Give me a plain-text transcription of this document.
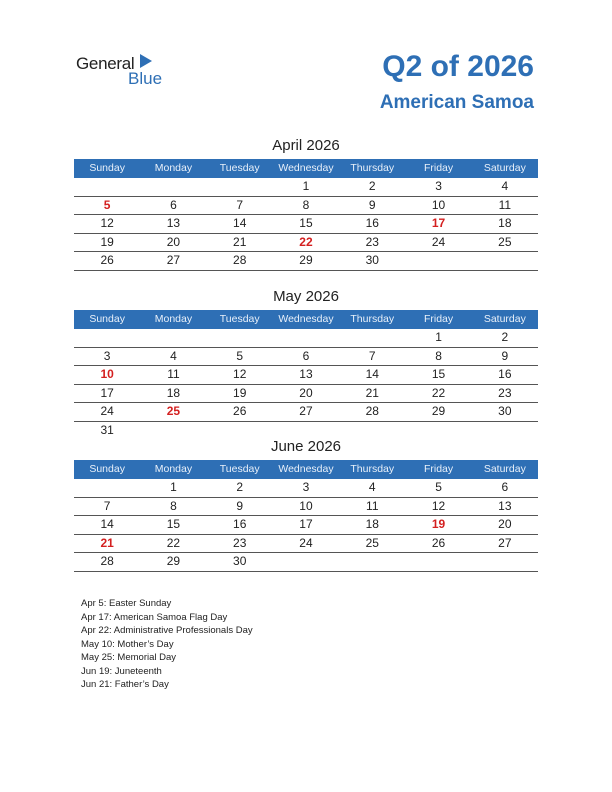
General
Blue	Q2 of 2026
American Samoa
April 2026
Sunday	Monday	Tuesday	Wednesday	Thursday	Friday	Saturday
			1	2	3	4
5	6	7	8	9	10	11
12	13	14	15	16	17	18
19	20	21	22	23	24	25
26	27	28	29	30		
May 2026
Sunday	Monday	Tuesday	Wednesday	Thursday	Friday	Saturday
					1	2
3	4	5	6	7	8	9
10	11	12	13	14	15	16
17	18	19	20	21	22	23
24	25	26	27	28	29	30
31						
June 2026
Sunday	Monday	Tuesday	Wednesday	Thursday	Friday	Saturday
	1	2	3	4	5	6
7	8	9	10	11	12	13
14	15	16	17	18	19	20
21	22	23	24	25	26	27
28	29	30				
Apr 5: Easter Sunday
Apr 17: American Samoa Flag Day
Apr 22: Administrative Professionals Day
May 10: Mother’s Day
May 25: Memorial Day
Jun 19: Juneteenth
Jun 21: Father’s Day
